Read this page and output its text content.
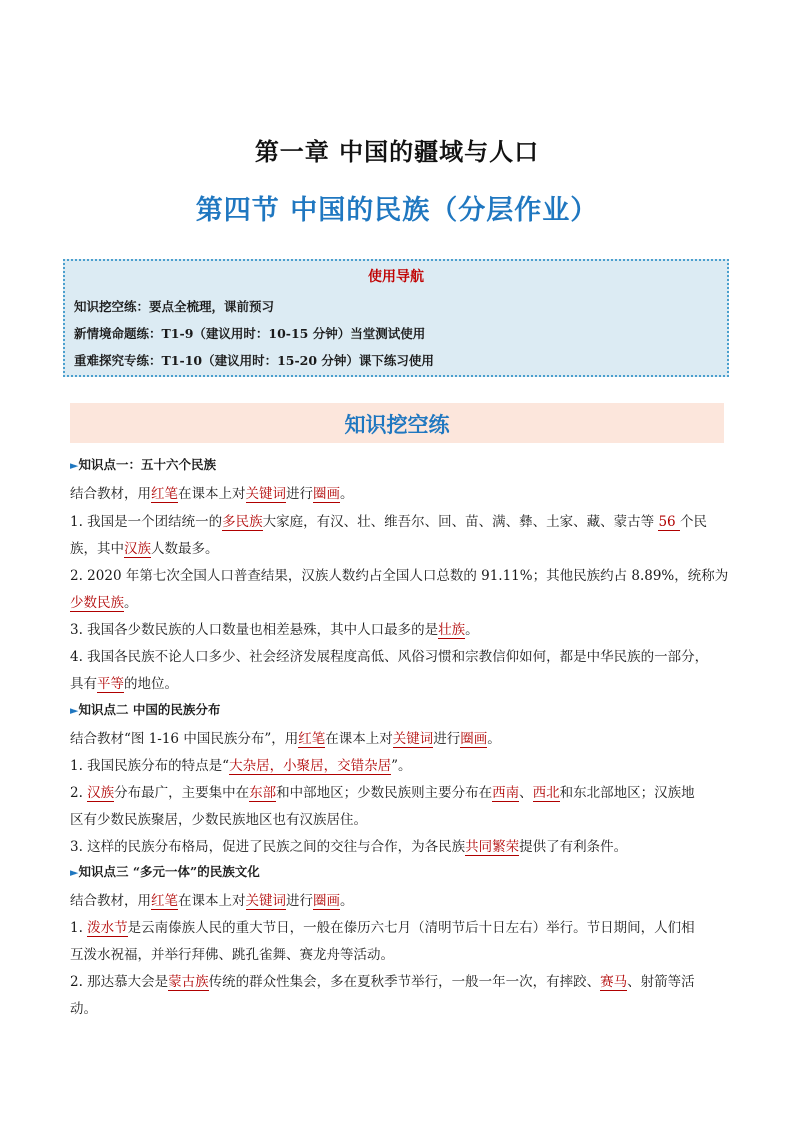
第一章 中国的疆域与人口
第四节 中国的民族（分层作业）
使用导航
知识挖空练：要点全梳理，课前预习
新情境命题练：T1-9（建议用时：10-15 分钟）当堂测试使用
重难探究专练：T1-10（建议用时：15-20 分钟）课下练习使用
知识挖空练
►知识点一：五十六个民族
结合教材，用红笔在课本上对关键词进行圈画。
1. 我国是一个团结统一的多民族大家庭，有汉、壮、维吾尔、回、苗、满、彝、土家、藏、蒙古等 56 个民
族，其中汉族人数最多。
2. 2020 年第七次全国人口普查结果，汉族人数约占全国人口总数的 91.11%；其他民族约占 8.89%，统称为
少数民族。
3. 我国各少数民族的人口数量也相差悬殊，其中人口最多的是壮族。
4. 我国各民族不论人口多少、社会经济发展程度高低、风俗习惯和宗教信仰如何，都是中华民族的一部分，
具有平等的地位。
►知识点二 中国的民族分布
结合教材“图 1-16 中国民族分布”，用红笔在课本上对关键词进行圈画。
1. 我国民族分布的特点是“大杂居，小聚居，交错杂居”。
2. 汉族分布最广，主要集中在东部和中部地区；少数民族则主要分布在西南、西北和东北部地区；汉族地
区有少数民族聚居，少数民族地区也有汉族居住。
3. 这样的民族分布格局，促进了民族之间的交往与合作，为各民族共同繁荣提供了有利条件。
►知识点三 “多元一体”的民族文化
结合教材，用红笔在课本上对关键词进行圈画。
1. 泼水节是云南傣族人民的重大节日，一般在傣历六七月（清明节后十日左右）举行。节日期间，人们相
互泼水祝福，并举行拜佛、跳孔雀舞、赛龙舟等活动。
2. 那达慕大会是蒙古族传统的群众性集会，多在夏秋季节举行，一般一年一次，有摔跤、赛马、射箭等活
动。
